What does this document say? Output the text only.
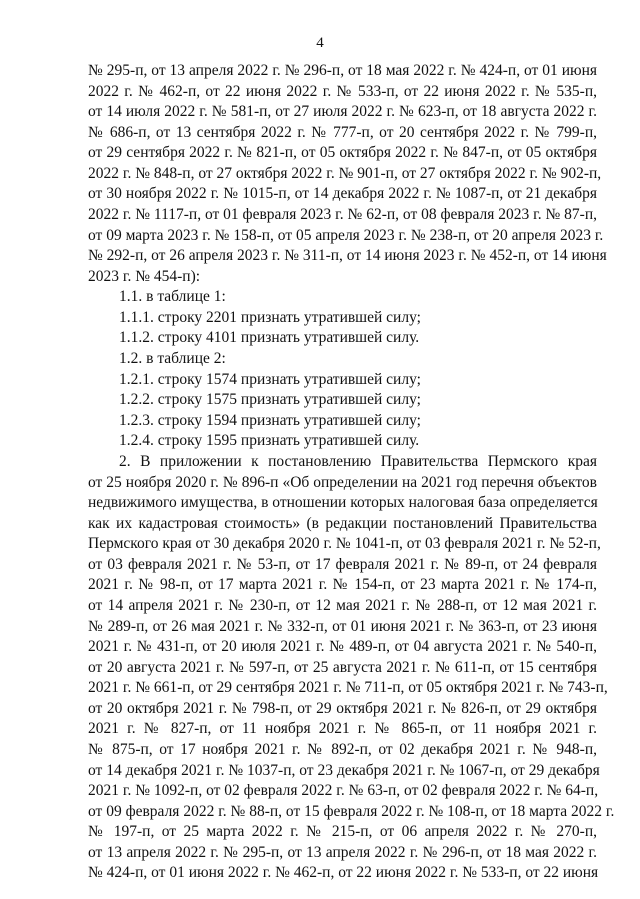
4
№ 295-п, от 13 апреля 2022 г. № 296-п, от 18 мая 2022 г. № 424-п, от 01 июня
2022 г. № 462-п, от 22 июня 2022 г. № 533-п, от 22 июня 2022 г. № 535-п,
от 14 июля 2022 г. № 581-п, от 27 июля 2022 г. № 623-п, от 18 августа 2022 г.
№ 686-п, от 13 сентября 2022 г. № 777-п, от 20 сентября 2022 г. № 799-п,
от 29 сентября 2022 г. № 821-п, от 05 октября 2022 г. № 847-п, от 05 октября
2022 г. № 848-п, от 27 октября 2022 г. № 901-п, от 27 октября 2022 г. № 902-п,
от 30 ноября 2022 г. № 1015-п, от 14 декабря 2022 г. № 1087-п, от 21 декабря
2022 г. № 1117-п, от 01 февраля 2023 г. № 62-п, от 08 февраля 2023 г. № 87-п,
от 09 марта 2023 г. № 158-п, от 05 апреля 2023 г. № 238-п, от 20 апреля 2023 г.
№ 292-п, от 26 апреля 2023 г. № 311-п, от 14 июня 2023 г. № 452-п, от 14 июня
2023 г. № 454-п):
1.1. в таблице 1:
1.1.1. строку 2201 признать утратившей силу;
1.1.2. строку 4101 признать утратившей силу.
1.2. в таблице 2:
1.2.1. строку 1574 признать утратившей силу;
1.2.2. строку 1575 признать утратившей силу;
1.2.3. строку 1594 признать утратившей силу;
1.2.4. строку 1595 признать утратившей силу.
2. В приложении к постановлению Правительства Пермского края
от 25 ноября 2020 г. № 896-п «Об определении на 2021 год перечня объектов
недвижимого имущества, в отношении которых налоговая база определяется
как их кадастровая стоимость» (в редакции постановлений Правительства
Пермского края от 30 декабря 2020 г. № 1041-п, от 03 февраля 2021 г. № 52-п,
от 03 февраля 2021 г. № 53-п, от 17 февраля 2021 г. № 89-п, от 24 февраля
2021 г. № 98-п, от 17 марта 2021 г. № 154-п, от 23 марта 2021 г. № 174-п,
от 14 апреля 2021 г. № 230-п, от 12 мая 2021 г. № 288-п, от 12 мая 2021 г.
№ 289-п, от 26 мая 2021 г. № 332-п, от 01 июня 2021 г. № 363-п, от 23 июня
2021 г. № 431-п, от 20 июля 2021 г. № 489-п, от 04 августа 2021 г. № 540-п,
от 20 августа 2021 г. № 597-п, от 25 августа 2021 г. № 611-п, от 15 сентября
2021 г. № 661-п, от 29 сентября 2021 г. № 711-п, от 05 октября 2021 г. № 743-п,
от 20 октября 2021 г. № 798-п, от 29 октября 2021 г. № 826-п, от 29 октября
2021 г. № 827-п, от 11 ноября 2021 г. № 865-п, от 11 ноября 2021 г.
№ 875-п, от 17 ноября 2021 г. № 892-п, от 02 декабря 2021 г. № 948-п,
от 14 декабря 2021 г. № 1037-п, от 23 декабря 2021 г. № 1067-п, от 29 декабря
2021 г. № 1092-п, от 02 февраля 2022 г. № 63-п, от 02 февраля 2022 г. № 64-п,
от 09 февраля 2022 г. № 88-п, от 15 февраля 2022 г. № 108-п, от 18 марта 2022 г.
№ 197-п, от 25 марта 2022 г. № 215-п, от 06 апреля 2022 г. № 270-п,
от 13 апреля 2022 г. № 295-п, от 13 апреля 2022 г. № 296-п, от 18 мая 2022 г.
№ 424-п, от 01 июня 2022 г. № 462-п, от 22 июня 2022 г. № 533-п, от 22 июня
